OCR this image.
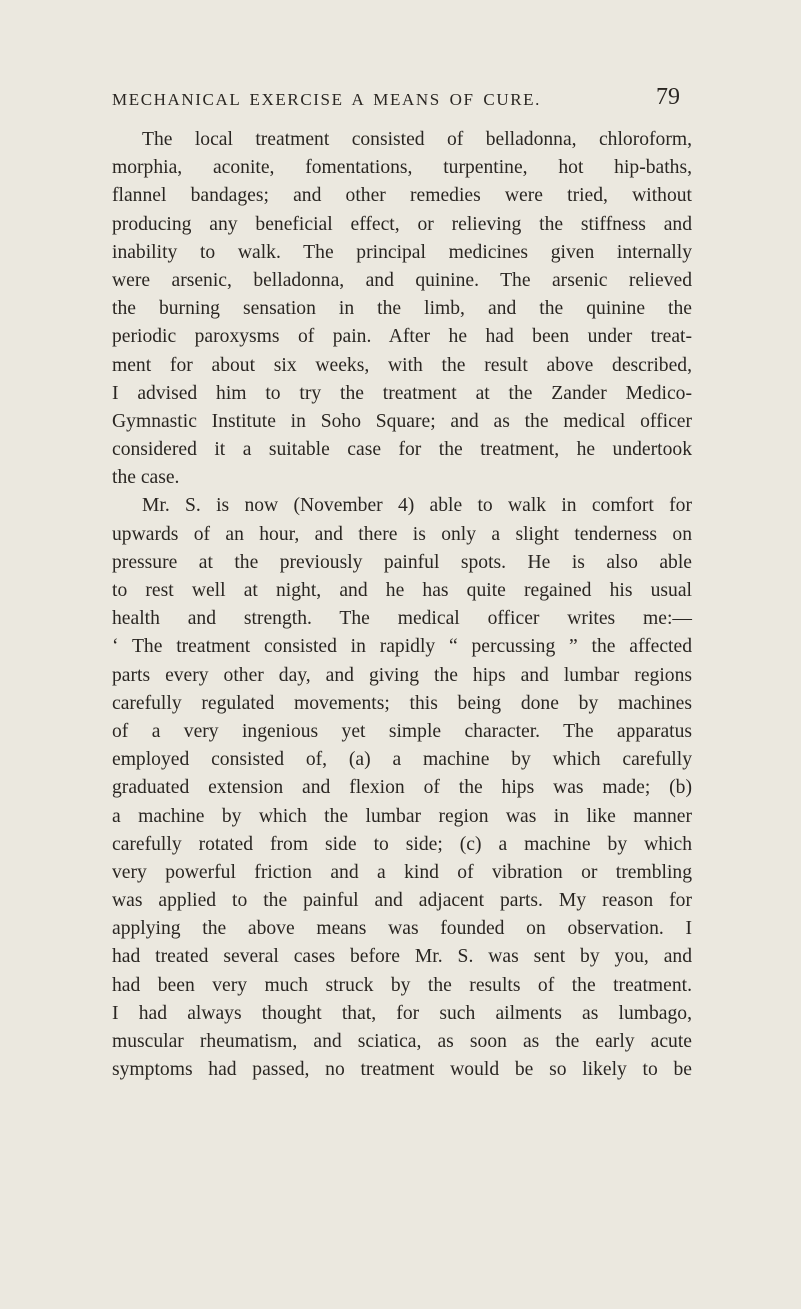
MECHANICAL EXERCISE A MEANS OF CURE.	79
The local treatment consisted of belladonna, chloroform,
morphia, aconite, fomentations, turpentine, hot hip-baths,
flannel bandages; and other remedies were tried, without
producing any beneficial effect, or relieving the stiffness and
inability to walk. The principal medicines given internally
were arsenic, belladonna, and quinine. The arsenic relieved
the burning sensation in the limb, and the quinine the
periodic paroxysms of pain. After he had been under treat-
ment for about six weeks, with the result above described,
I advised him to try the treatment at the Zander Medico-
Gymnastic Institute in Soho Square; and as the medical officer
considered it a suitable case for the treatment, he undertook
the case.
Mr. S. is now (November 4) able to walk in comfort for
upwards of an hour, and there is only a slight tenderness on
pressure at the previously painful spots. He is also able
to rest well at night, and he has quite regained his usual
health and strength. The medical officer writes me:—
‘ The treatment consisted in rapidly “ percussing ” the affected
parts every other day, and giving the hips and lumbar regions
carefully regulated movements; this being done by machines
of a very ingenious yet simple character. The apparatus
employed consisted of, (a) a machine by which carefully
graduated extension and flexion of the hips was made; (b)
a machine by which the lumbar region was in like manner
carefully rotated from side to side; (c) a machine by which
very powerful friction and a kind of vibration or trembling
was applied to the painful and adjacent parts. My reason for
applying the above means was founded on observation. I
had treated several cases before Mr. S. was sent by you, and
had been very much struck by the results of the treatment.
I had always thought that, for such ailments as lumbago,
muscular rheumatism, and sciatica, as soon as the early acute
symptoms had passed, no treatment would be so likely to be
